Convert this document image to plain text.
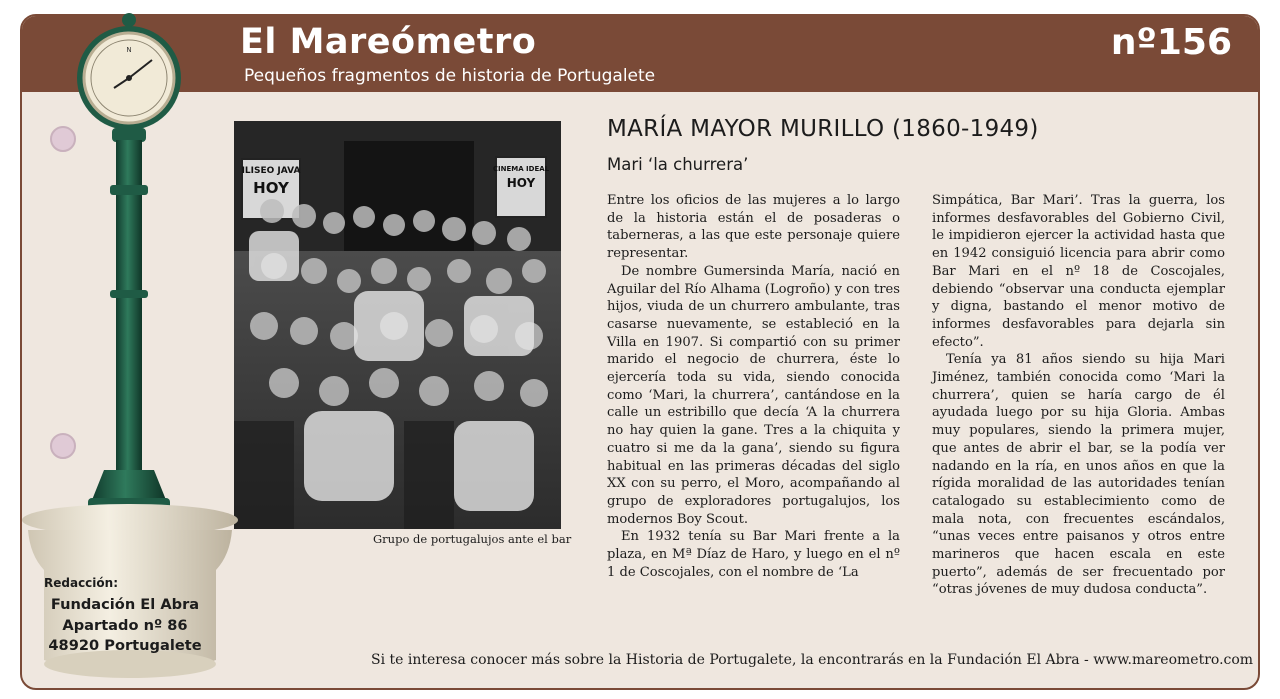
El Mareómetro
Pequeños fragmentos de historia de Portugalete
nº156
ILISEO JAVA
HOY
CINEMA IDEAL
HOY
Grupo de portugalujos ante el bar
MARÍA MAYOR MURILLO (1860-1949)
Mari ‘la churrera’

Entre los oficios de las mujeres a lo largo de la historia están el de posaderas o taberneras, a las que este personaje quiere representar.

De nombre Gumersinda María, nació en Aguilar del Río Alhama (Logroño) y con tres hijos, viuda de un churrero ambulante, tras casarse nuevamente, se estableció en la Villa en 1907. Si compartió con su primer marido el negocio de churrera, éste lo ejercería toda su vida, siendo conocida como ‘Mari, la churrera’, cantándose en la calle un estribillo que decía ‘A la churrera no hay quien la gane. Tres a la chiquita y cuatro si me da la gana’, siendo su figura habitual en las primeras décadas del siglo XX con su perro, el Moro, acompañando al grupo de exploradores portugalujos, los modernos Boy Scout.

En 1932 tenía su Bar Mari frente a la plaza, en Mª Díaz de Haro, y luego en el nº 1 de Coscojales, con el nombre de ‘La

Simpática, Bar Mari’. Tras la guerra, los informes desfavorables del Gobierno Civil, le impidieron ejercer la actividad hasta que en 1942 consiguió licencia para abrir como Bar Mari en el nº 18 de Coscojales, debiendo “observar una conducta ejemplar y digna, bastando el menor motivo de informes desfavorables para dejarla sin efecto”.

Tenía ya 81 años siendo su hija Mari Jiménez, también conocida como ‘Mari la churrera’, quien se haría cargo de él ayudada luego por su hija Gloria. Ambas muy populares, siendo la primera mujer, que antes de abrir el bar, se la podía ver nadando en la ría, en unos años en que la rígida moralidad de las autoridades tenían catalogado su establecimiento como de mala nota, con frecuentes escándalos, “unas veces entre paisanos y otros entre marineros que hacen escala en este puerto”, además de ser frecuentado por “otras jóvenes de muy dudosa conducta”.

N
Redacción:
Fundación El Abra
Apartado nº 86
48920 Portugalete
Si te interesa conocer más sobre la Historia de Portugalete, la encontrarás en la Fundación El Abra - www.mareometro.com
